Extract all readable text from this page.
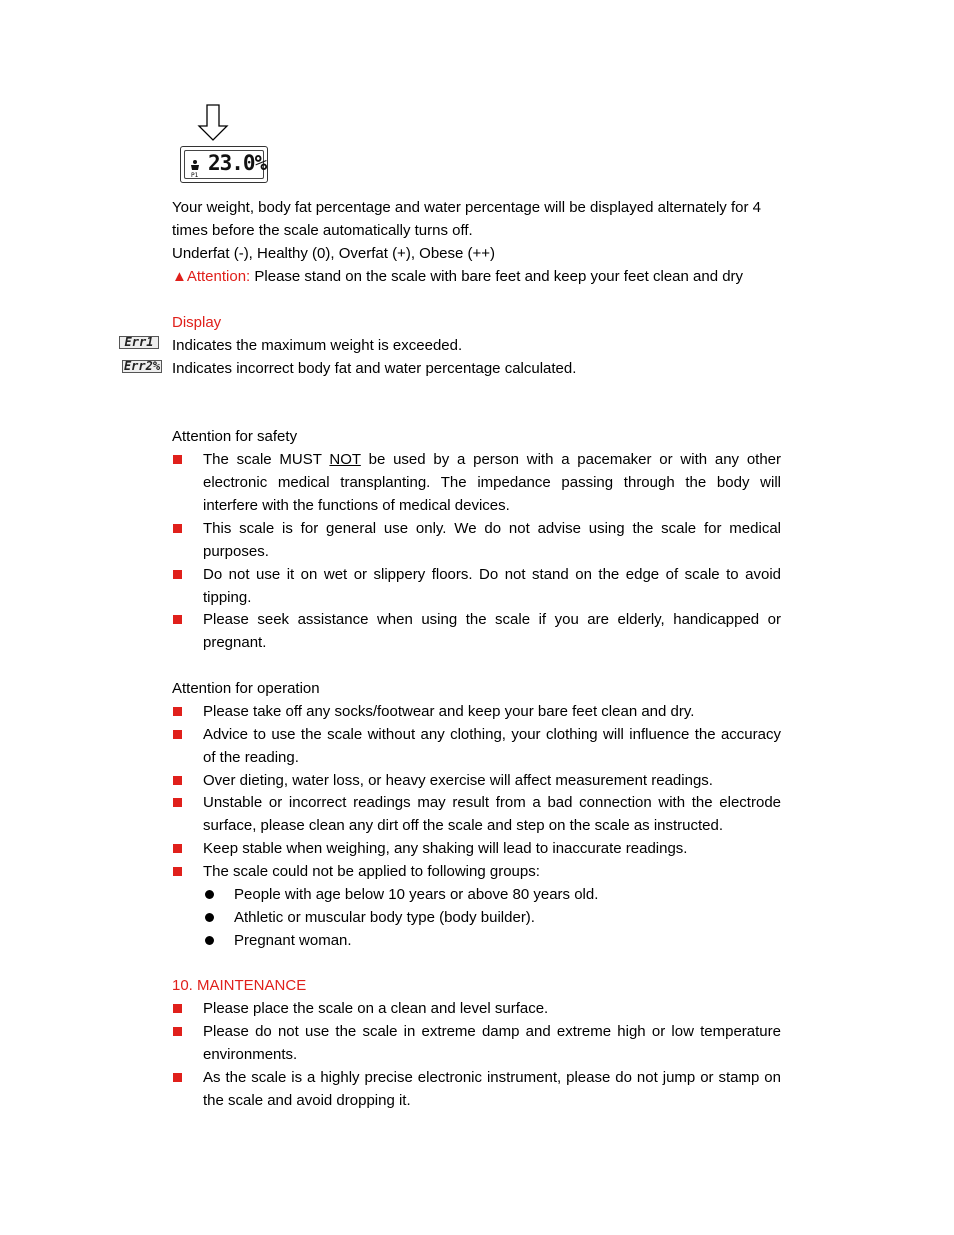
P1
23.0%
Your weight, body fat percentage and water percentage will be displayed alternately for 4
times before the scale automatically turns off.
Underfat (-), Healthy (0), Overfat (+), Obese (++)
▲Attention: Please stand on the scale with bare feet and keep your feet clean and dry
Display
Err1	Indicates the maximum weight is exceeded.
Err2% Indicates incorrect body fat and water percentage calculated.
Attention for safety
The scale MUST NOT be used by a person with a pacemaker or with any other electronic medical transplanting. The impedance passing through the body will interfere with the functions of medical devices.
This scale is for general use only. We do not advise using the scale for medical purposes.
Do not use it on wet or slippery floors. Do not stand on the edge of scale to avoid tipping.
Please seek assistance when using the scale if you are elderly, handicapped or pregnant.
Attention for operation
Please take off any socks/footwear and keep your bare feet clean and dry.
Advice to use the scale without any clothing, your clothing will influence the accuracy of the reading.
Over dieting, water loss, or heavy exercise will affect measurement readings.
Unstable or incorrect readings may result from a bad connection with the electrode surface, please clean any dirt off the scale and step on the scale as instructed.
Keep stable when weighing, any shaking will lead to inaccurate readings.
The scale could not be applied to following groups:
People with age below 10 years or above 80 years old.
Athletic or muscular body type (body builder).
Pregnant woman.
10. MAINTENANCE
Please place the scale on a clean and level surface.
Please do not use the scale in extreme damp and extreme high or low temperature environments.
As the scale is a highly precise electronic instrument, please do not jump or stamp on the scale and avoid dropping it.
